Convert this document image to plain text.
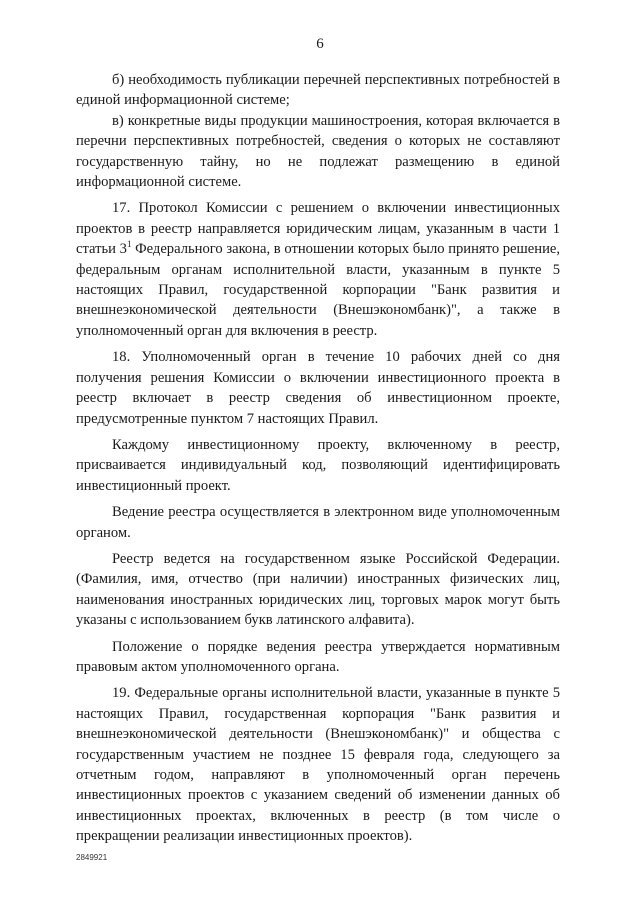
6

б) необходимость публикации перечней перспективных потребностей в единой информационной системе;

в) конкретные виды продукции машиностроения, которая включается в перечни перспективных потребностей, сведения о которых не составляют государственную тайну, но не подлежат размещению в единой информационной системе.

17. Протокол Комиссии с решением о включении инвестиционных проектов в реестр направляется юридическим лицам, указанным в части 1 статьи $3^1$ Федерального закона, в отношении которых было принято решение, федеральным органам исполнительной власти, указанным в пункте 5 настоящих Правил, государственной корпорации "Банк развития и внешнеэкономической деятельности (Внешэкономбанк)", а также в уполномоченный орган для включения в реестр.

18. Уполномоченный орган в течение 10 рабочих дней со дня получения решения Комиссии о включении инвестиционного проекта в реестр включает в реестр сведения об инвестиционном проекте, предусмотренные пунктом 7 настоящих Правил.

Каждому инвестиционному проекту, включенному в реестр, присваивается индивидуальный код, позволяющий идентифицировать инвестиционный проект.

Ведение реестра осуществляется в электронном виде уполномоченным органом.

Реестр ведется на государственном языке Российской Федерации. (Фамилия, имя, отчество (при наличии) иностранных физических лиц, наименования иностранных юридических лиц, торговых марок могут быть указаны с использованием букв латинского алфавита).

Положение о порядке ведения реестра утверждается нормативным правовым актом уполномоченного органа.

19. Федеральные органы исполнительной власти, указанные в пункте 5 настоящих Правил, государственная корпорация "Банк развития и внешнеэкономической деятельности (Внешэкономбанк)" и общества с государственным участием не позднее 15 февраля года, следующего за отчетным годом, направляют в уполномоченный орган перечень инвестиционных проектов с указанием сведений об изменении данных об инвестиционных проектах, включенных в реестр (в том числе о прекращении реализации инвестиционных проектов).

2849921
